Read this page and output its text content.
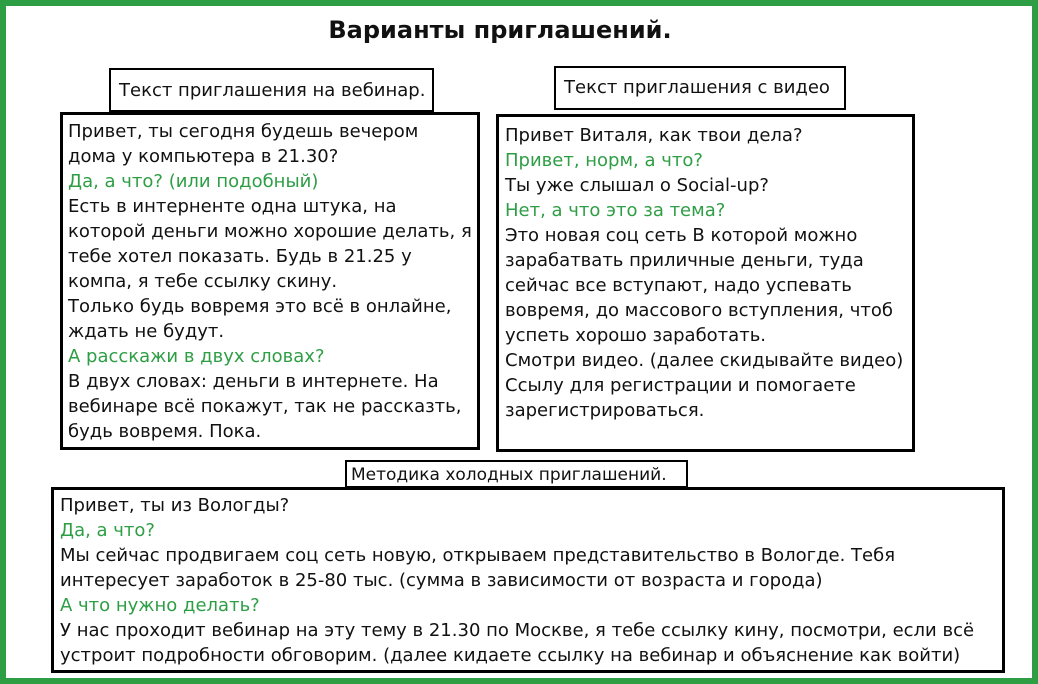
Варианты приглашений.
Привет, ты сегодня будешь вечером
дома у компьютера в 21.30?
Да, а что? (или подобный)
Есть в интерненте одна штука, на
которой деньги можно хорошие делать, я
тебе хотел показать. Будь в 21.25 у
компа, я тебе ссылку скину.
Только будь вовремя это всё в онлайне,
ждать не будут.
А расскажи в двух словах?
В двух словах: деньги в интернете. На
вебинаре всё покажут, так не рассказть,
будь вовремя. Пока.
Текст приглашения на вебинар.
Привет Виталя, как твои дела?
Привет, норм, а что?
Ты уже слышал о Social-up?
Нет, а что это за тема?
Это новая соц сеть В которой можно
зарабатвать приличные деньги, туда
сейчас все вступают, надо успевать
вовремя, до массового вступления, чтоб
успеть хорошо заработать.
Смотри видео. (далее скидывайте видео)
Ссылу для регистрации и помогаете
зарегистрироваться.
Текст приглашения с видео
Привет, ты из Вологды?
Да, а что?
Мы сейчас продвигаем соц сеть новую, открываем представительство в Вологде. Тебя
интересует заработок в 25-80 тыс. (сумма в зависимости от возраста и города)
А что нужно делать?
У нас проходит вебинар на эту тему в 21.30 по Москве, я тебе ссылку кину, посмотри, если всё
устроит подробности обговорим. (далее кидаете ссылку на вебинар и объяснение как войти)
Методика холодных приглашений.
